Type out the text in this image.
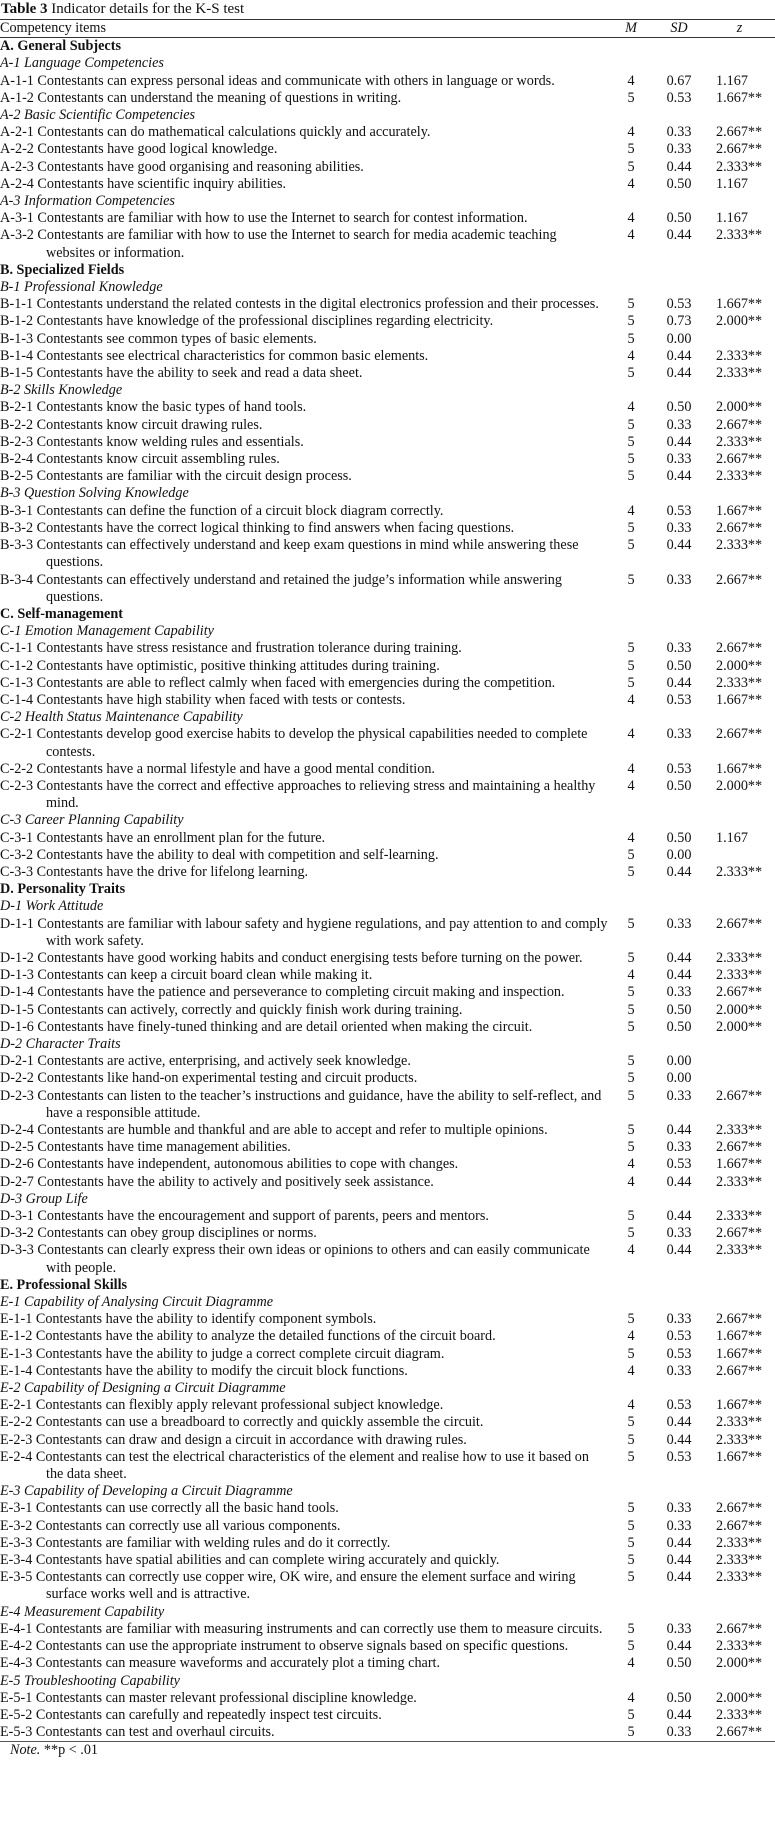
Table 3 Indicator details for the K-S test
Competency items	M	SD	z
A. General Subjects			
A-1 Language Competencies			
A-1-1 Contestants can express personal ideas and communicate with others in language or words.	4	0.67	1.167
A-1-2 Contestants can understand the meaning of questions in writing.	5	0.53	1.667**
A-2 Basic Scientific Competencies			
A-2-1 Contestants can do mathematical calculations quickly and accurately.	4	0.33	2.667**
A-2-2 Contestants have good logical knowledge.	5	0.33	2.667**
A-2-3 Contestants have good organising and reasoning abilities.	5	0.44	2.333**
A-2-4 Contestants have scientific inquiry abilities.	4	0.50	1.167
A-3 Information Competencies			
A-3-1 Contestants are familiar with how to use the Internet to search for contest information.	4	0.50	1.167
A-3-2 Contestants are familiar with how to use the Internet to search for media academic teaching websites or information.	4	0.44	2.333**
B. Specialized Fields			
B-1 Professional Knowledge			
B-1-1 Contestants understand the related contests in the digital electronics profession and their processes.	5	0.53	1.667**
B-1-2 Contestants have knowledge of the professional disciplines regarding electricity.	5	0.73	2.000**
B-1-3 Contestants see common types of basic elements.	5	0.00	
B-1-4 Contestants see electrical characteristics for common basic elements.	4	0.44	2.333**
B-1-5 Contestants have the ability to seek and read a data sheet.	5	0.44	2.333**
B-2 Skills Knowledge			
B-2-1 Contestants know the basic types of hand tools.	4	0.50	2.000**
B-2-2 Contestants know circuit drawing rules.	5	0.33	2.667**
B-2-3 Contestants know welding rules and essentials.	5	0.44	2.333**
B-2-4 Contestants know circuit assembling rules.	5	0.33	2.667**
B-2-5 Contestants are familiar with the circuit design process.	5	0.44	2.333**
B-3 Question Solving Knowledge			
B-3-1 Contestants can define the function of a circuit block diagram correctly.	4	0.53	1.667**
B-3-2 Contestants have the correct logical thinking to find answers when facing questions.	5	0.33	2.667**
B-3-3 Contestants can effectively understand and keep exam questions in mind while answering these questions.	5	0.44	2.333**
B-3-4 Contestants can effectively understand and retained the judge’s information while answering questions.	5	0.33	2.667**
C. Self-management			
C-1 Emotion Management Capability			
C-1-1 Contestants have stress resistance and frustration tolerance during training.	5	0.33	2.667**
C-1-2 Contestants have optimistic, positive thinking attitudes during training.	5	0.50	2.000**
C-1-3 Contestants are able to reflect calmly when faced with emergencies during the competition.	5	0.44	2.333**
C-1-4 Contestants have high stability when faced with tests or contests.	4	0.53	1.667**
C-2 Health Status Maintenance Capability			
C-2-1 Contestants develop good exercise habits to develop the physical capabilities needed to complete contests.	4	0.33	2.667**
C-2-2 Contestants have a normal lifestyle and have a good mental condition.	4	0.53	1.667**
C-2-3 Contestants have the correct and effective approaches to relieving stress and maintaining a healthy mind.	4	0.50	2.000**
C-3 Career Planning Capability			
C-3-1 Contestants have an enrollment plan for the future.	4	0.50	1.167
C-3-2 Contestants have the ability to deal with competition and self-learning.	5	0.00	
C-3-3 Contestants have the drive for lifelong learning.	5	0.44	2.333**
D. Personality Traits			
D-1 Work Attitude			
D-1-1 Contestants are familiar with labour safety and hygiene regulations, and pay attention to and comply with work safety.	5	0.33	2.667**
D-1-2 Contestants have good working habits and conduct energising tests before turning on the power.	5	0.44	2.333**
D-1-3 Contestants can keep a circuit board clean while making it.	4	0.44	2.333**
D-1-4 Contestants have the patience and perseverance to completing circuit making and inspection.	5	0.33	2.667**
D-1-5 Contestants can actively, correctly and quickly finish work during training.	5	0.50	2.000**
D-1-6 Contestants have finely-tuned thinking and are detail oriented when making the circuit.	5	0.50	2.000**
D-2 Character Traits			
D-2-1 Contestants are active, enterprising, and actively seek knowledge.	5	0.00	
D-2-2 Contestants like hand-on experimental testing and circuit products.	5	0.00	
D-2-3 Contestants can listen to the teacher’s instructions and guidance, have the ability to self-reflect, and have a responsible attitude.	5	0.33	2.667**
D-2-4 Contestants are humble and thankful and are able to accept and refer to multiple opinions.	5	0.44	2.333**
D-2-5 Contestants have time management abilities.	5	0.33	2.667**
D-2-6 Contestants have independent, autonomous abilities to cope with changes.	4	0.53	1.667**
D-2-7 Contestants have the ability to actively and positively seek assistance.	4	0.44	2.333**
D-3 Group Life			
D-3-1 Contestants have the encouragement and support of parents, peers and mentors.	5	0.44	2.333**
D-3-2 Contestants can obey group disciplines or norms.	5	0.33	2.667**
D-3-3 Contestants can clearly express their own ideas or opinions to others and can easily communicate with people.	4	0.44	2.333**
E. Professional Skills			
E-1 Capability of Analysing Circuit Diagramme			
E-1-1 Contestants have the ability to identify component symbols.	5	0.33	2.667**
E-1-2 Contestants have the ability to analyze the detailed functions of the circuit board.	4	0.53	1.667**
E-1-3 Contestants have the ability to judge a correct complete circuit diagram.	5	0.53	1.667**
E-1-4 Contestants have the ability to modify the circuit block functions.	4	0.33	2.667**
E-2 Capability of Designing a Circuit Diagramme			
E-2-1 Contestants can flexibly apply relevant professional subject knowledge.	4	0.53	1.667**
E-2-2 Contestants can use a breadboard to correctly and quickly assemble the circuit.	5	0.44	2.333**
E-2-3 Contestants can draw and design a circuit in accordance with drawing rules.	5	0.44	2.333**
E-2-4 Contestants can test the electrical characteristics of the element and realise how to use it based on the data sheet.	5	0.53	1.667**
E-3 Capability of Developing a Circuit Diagramme			
E-3-1 Contestants can use correctly all the basic hand tools.	5	0.33	2.667**
E-3-2 Contestants can correctly use all various components.	5	0.33	2.667**
E-3-3 Contestants are familiar with welding rules and do it correctly.	5	0.44	2.333**
E-3-4 Contestants have spatial abilities and can complete wiring accurately and quickly.	5	0.44	2.333**
E-3-5 Contestants can correctly use copper wire, OK wire, and ensure the element surface and wiring surface works well and is attractive.	5	0.44	2.333**
E-4 Measurement Capability			
E-4-1 Contestants are familiar with measuring instruments and can correctly use them to measure circuits.	5	0.33	2.667**
E-4-2 Contestants can use the appropriate instrument to observe signals based on specific questions.	5	0.44	2.333**
E-4-3 Contestants can measure waveforms and accurately plot a timing chart.	4	0.50	2.000**
E-5 Troubleshooting Capability			
E-5-1 Contestants can master relevant professional discipline knowledge.	4	0.50	2.000**
E-5-2 Contestants can carefully and repeatedly inspect test circuits.	5	0.44	2.333**
E-5-3 Contestants can test and overhaul circuits.	5	0.33	2.667**
Note. **p < .01
